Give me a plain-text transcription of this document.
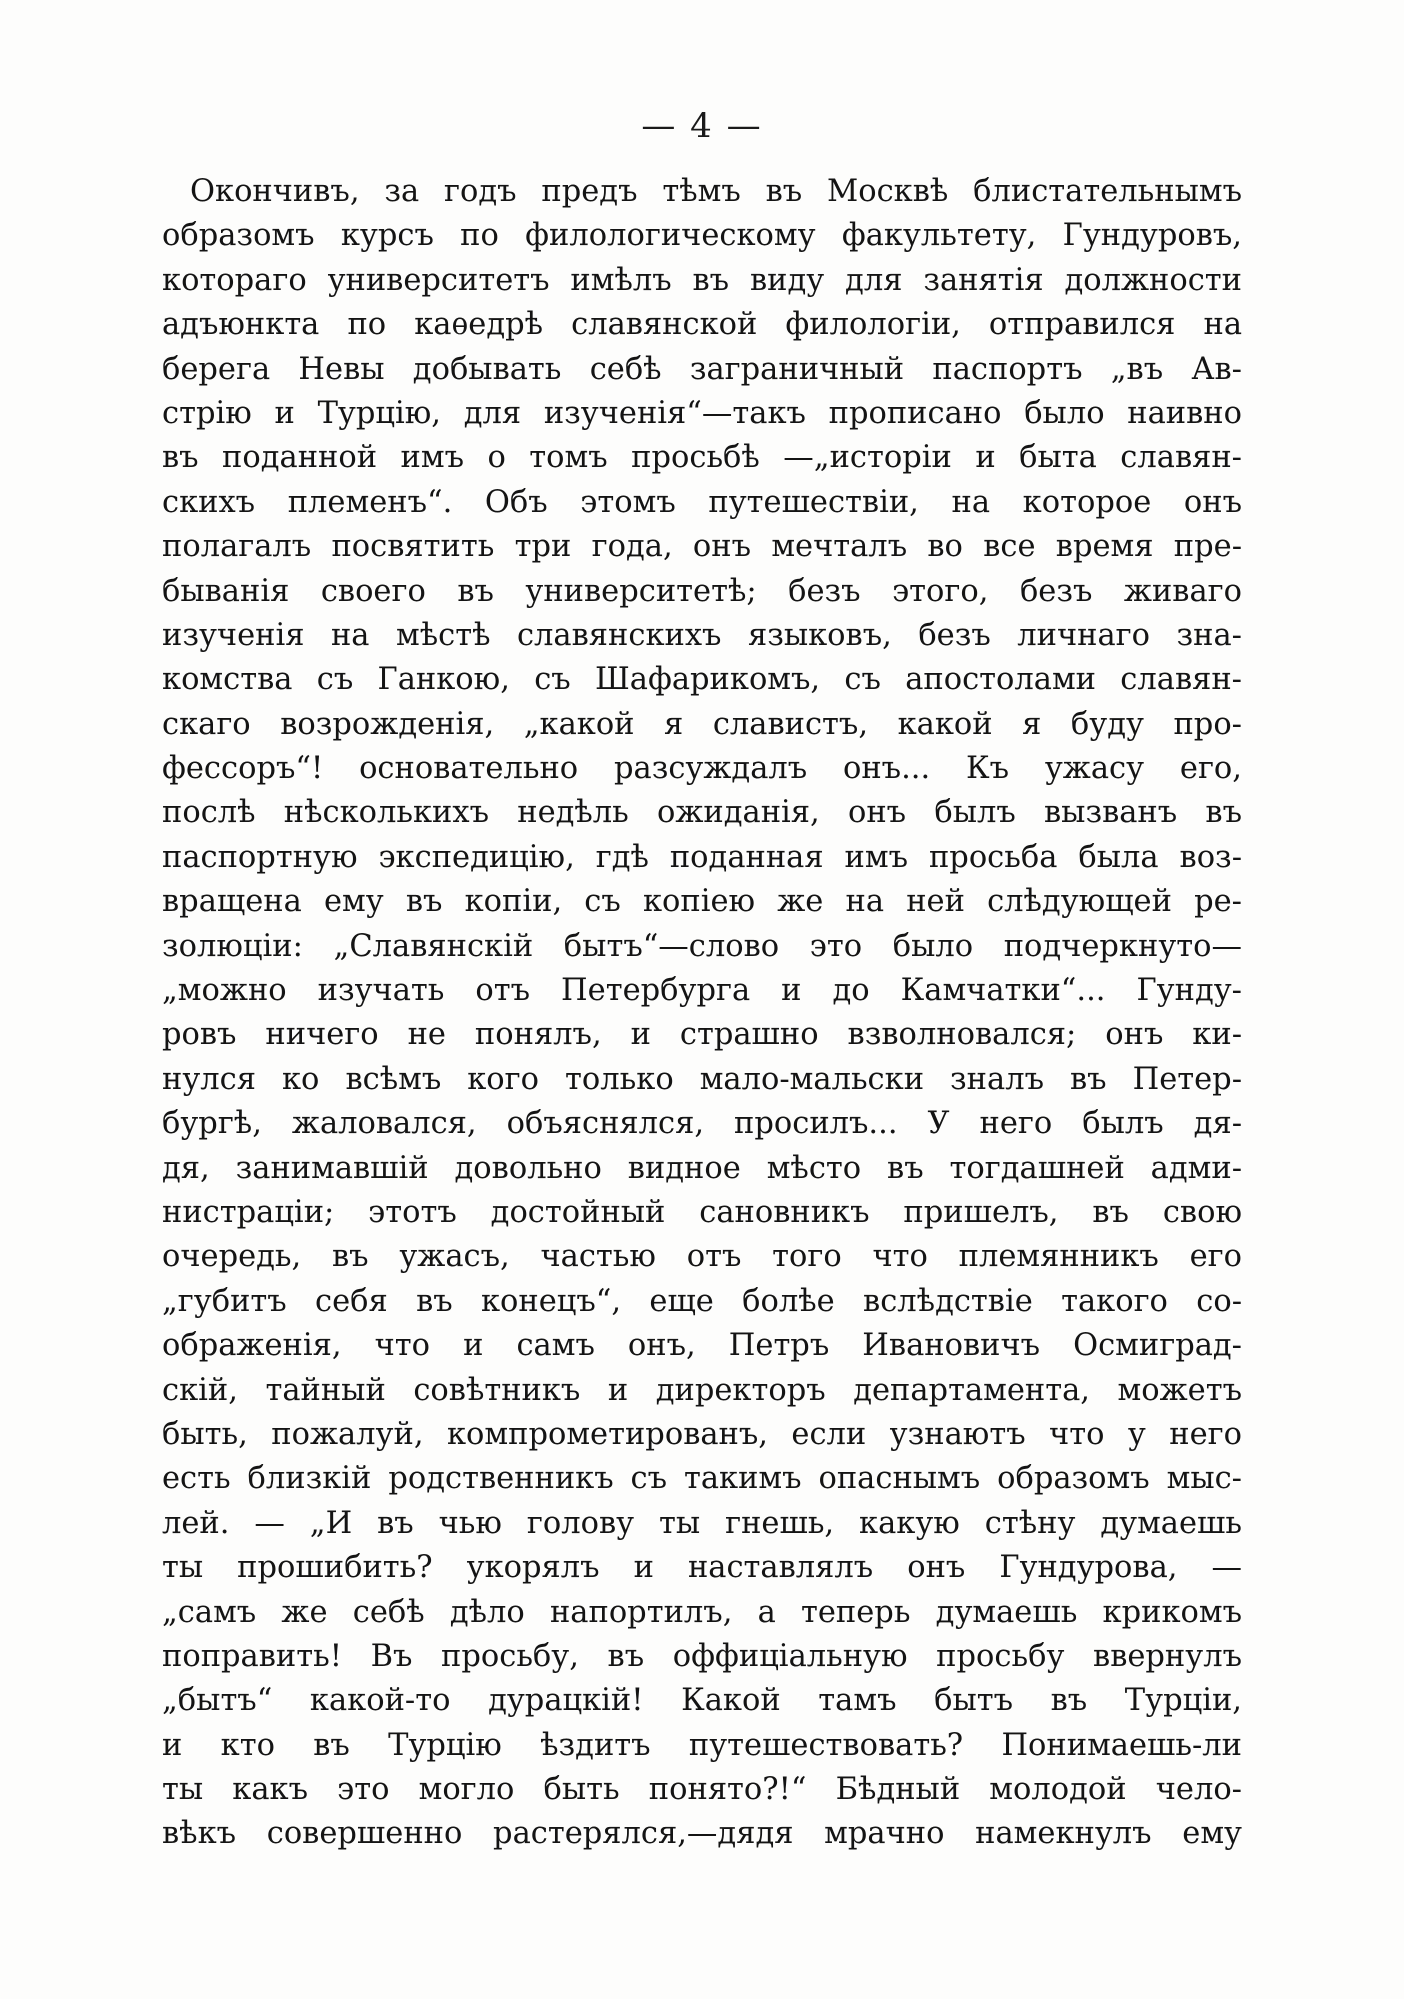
— 4 —
Окончивъ, за годъ предъ тѣмъ въ Москвѣ блистательнымъ
образомъ курсъ по филологическому факультету, Гундуровъ,
котораго университетъ имѣлъ въ виду для занятія должности
адъюнкта по каѳедрѣ славянской филологіи, отправился на
берега Невы добывать себѣ заграничный паспортъ „въ Ав-
стрію и Турцію, для изученія“—такъ прописано было наивно
въ поданной имъ о томъ просьбѣ —„исторіи и быта славян-
скихъ племенъ“. Объ этомъ путешествіи, на которое онъ
полагалъ посвятить три года, онъ мечталъ во все время пре-
быванія своего въ университетѣ; безъ этого, безъ живаго
изученія на мѣстѣ славянскихъ языковъ, безъ личнаго зна-
комства съ Ганкою, съ Шафарикомъ, съ апостолами славян-
скаго возрожденія, „какой я славистъ, какой я буду про-
фессоръ“! основательно разсуждалъ онъ... Къ ужасу его,
послѣ нѣсколькихъ недѣль ожиданія, онъ былъ вызванъ въ
паспортную экспедицію, гдѣ поданная имъ просьба была воз-
вращена ему въ копіи, съ копіею же на ней слѣдующей ре-
золюціи: „Славянскій бытъ“—слово это было подчеркнуто—
„можно изучать отъ Петербурга и до Камчатки“... Гунду-
ровъ ничего не понялъ, и страшно взволновался; онъ ки-
нулся ко всѣмъ кого только мало-мальски зналъ въ Петер-
бургѣ, жаловался, объяснялся, просилъ... У него былъ дя-
дя, занимавшій довольно видное мѣсто въ тогдашней адми-
нистраціи; этотъ достойный сановникъ пришелъ, въ свою
очередь, въ ужасъ, частью отъ того что племянникъ его
„губитъ себя въ конецъ“, еще болѣе вслѣдствіе такого со-
ображенія, что и самъ онъ, Петръ Ивановичъ Осмиград-
скій, тайный совѣтникъ и директоръ департамента, можетъ
быть, пожалуй, компрометированъ, если узнаютъ что у него
есть близкій родственникъ съ такимъ опаснымъ образомъ мыс-
лей. — „И въ чью голову ты гнешь, какую стѣну думаешь
ты прошибить? укорялъ и наставлялъ онъ Гундурова, —
„самъ же себѣ дѣло напортилъ, а теперь думаешь крикомъ
поправить! Въ просьбу, въ оффиціальную просьбу ввернулъ
„бытъ“ какой-то дурацкій! Какой тамъ бытъ въ Турціи,
и кто въ Турцію ѣздитъ путешествовать? Понимаешь-ли
ты какъ это могло быть понято?!“ Бѣдный молодой чело-
вѣкъ совершенно растерялся,—дядя мрачно намекнулъ ему
